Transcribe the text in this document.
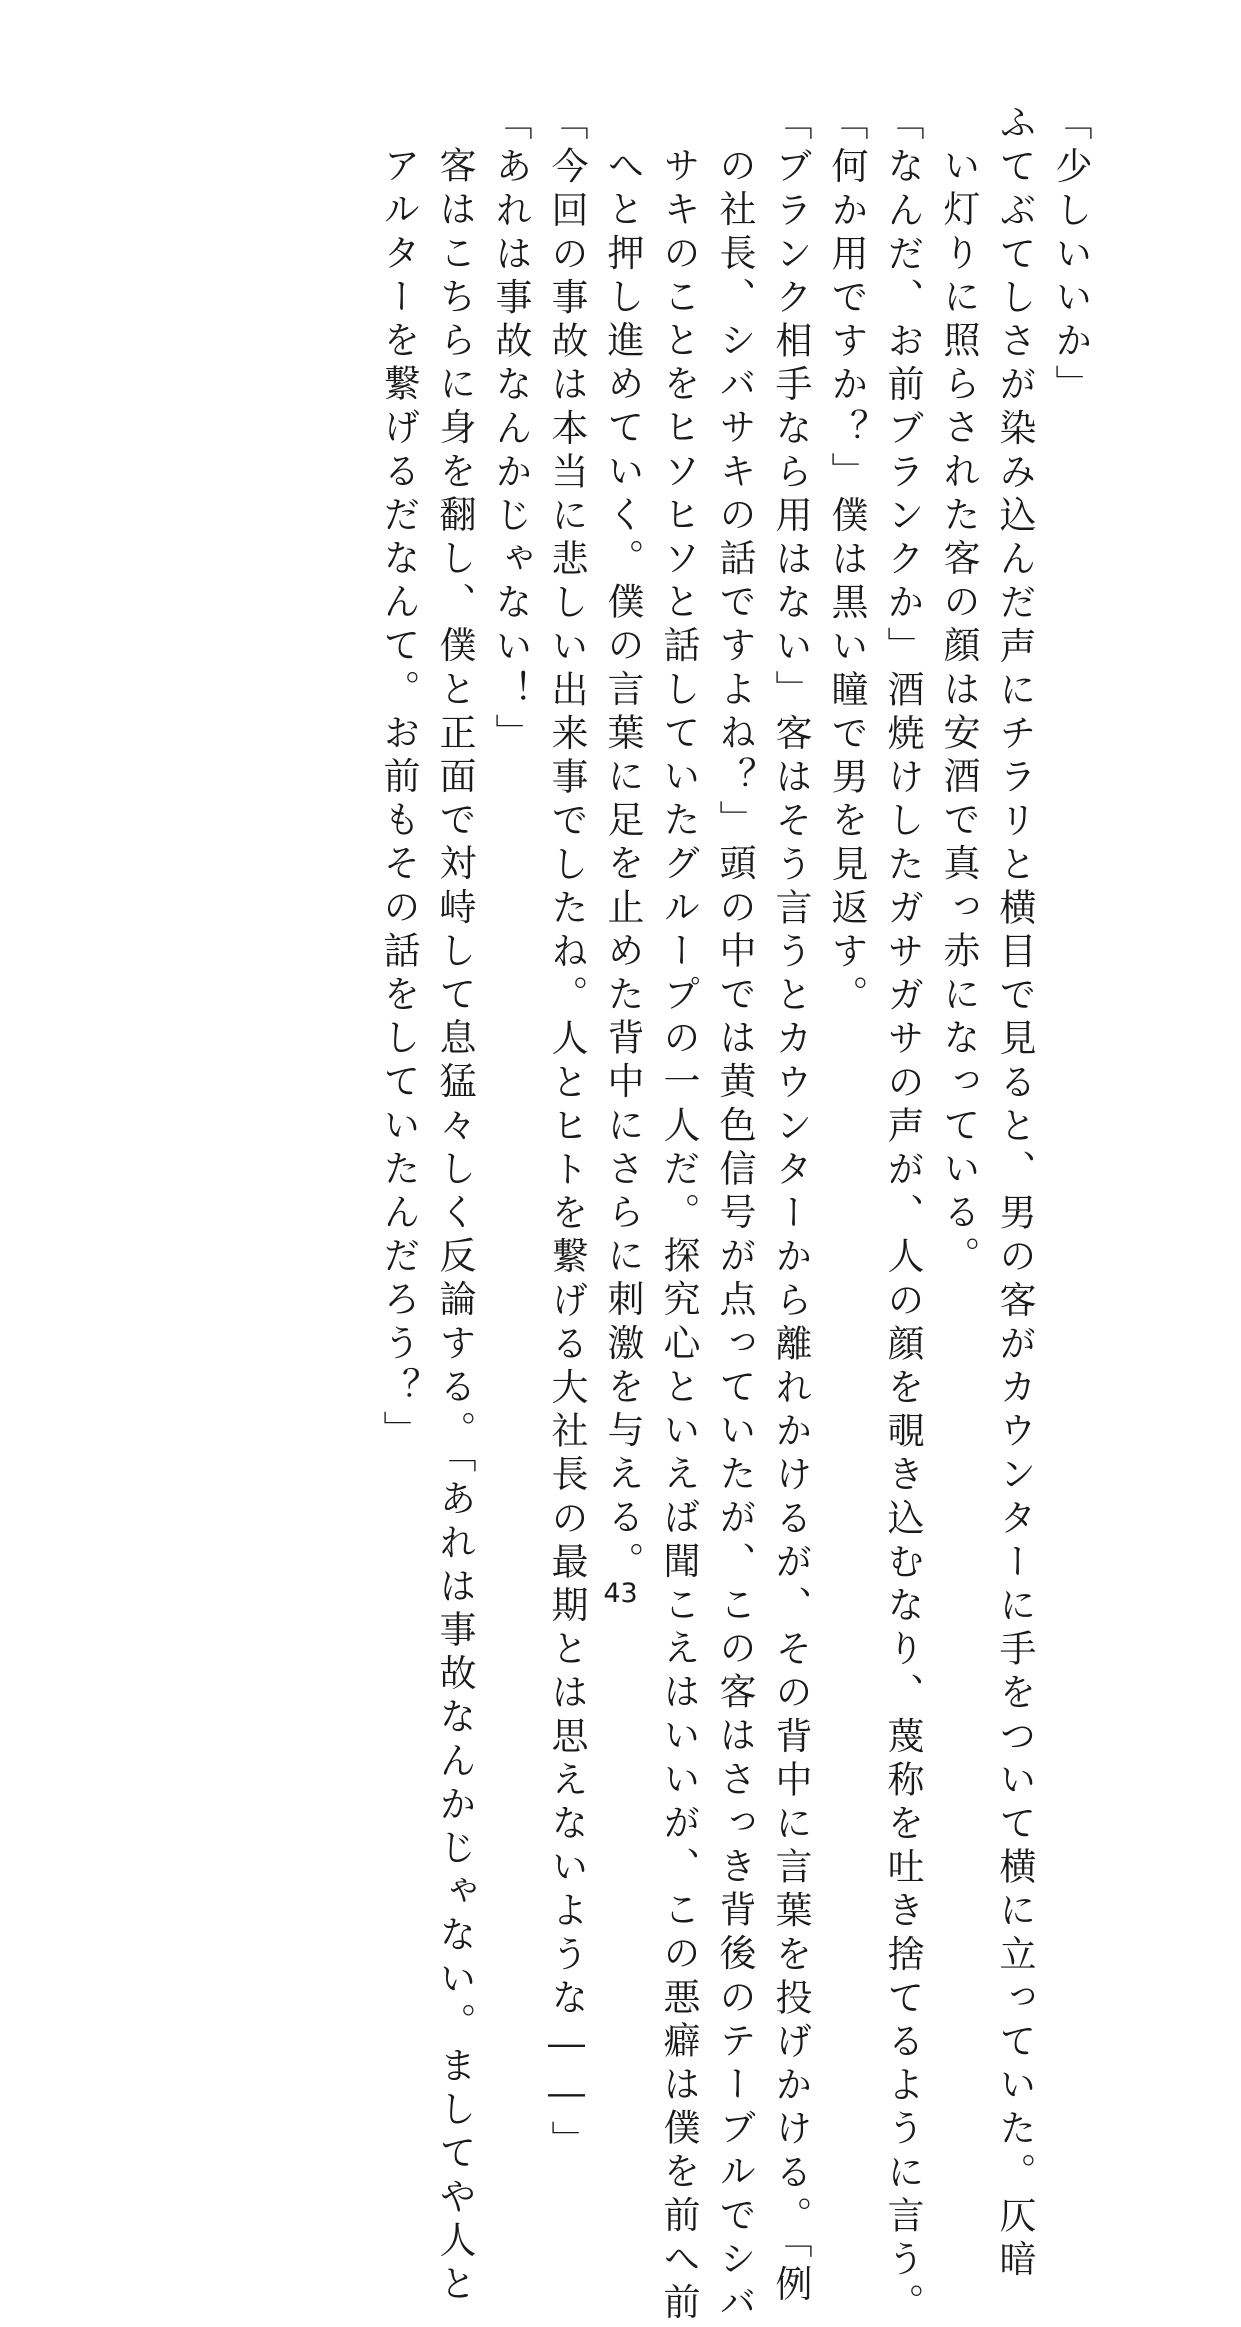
「少しいいか」
ふてぶてしさが染み込んだ声にチラリと横目で見ると、男の客がカウンターに手をついて横に立っていた。仄暗
い灯りに照らされた客の顔は安酒で真っ赤になっている。
「なんだ、お前ブランクか」酒焼けしたガサガサの声が、人の顔を覗き込むなり、蔑称を吐き捨てるように言う。
「何か用ですか？」僕は黒い瞳で男を見返す。
「ブランク相手なら用はない」客はそう言うとカウンターから離れかけるが、その背中に言葉を投げかける。「例
の社長、シバサキの話ですよね？」頭の中では黄色信号が点っていたが、この客はさっき背後のテーブルでシバ
サキのことをヒソヒソと話していたグループの一人だ。探究心といえば聞こえはいいが、この悪癖は僕を前へ前
へと押し進めていく。僕の言葉に足を止めた背中にさらに刺激を与える。
「今回の事故は本当に悲しい出来事でしたね。人とヒトを繋げる大社長の最期とは思えないような――」
「あれは事故なんかじゃない！」
客はこちらに身を翻し、僕と正面で対峙して息猛々しく反論する。「あれは事故なんかじゃない。ましてや人と
アルターを繋げるだなんて。お前もその話をしていたんだろう？」
43
